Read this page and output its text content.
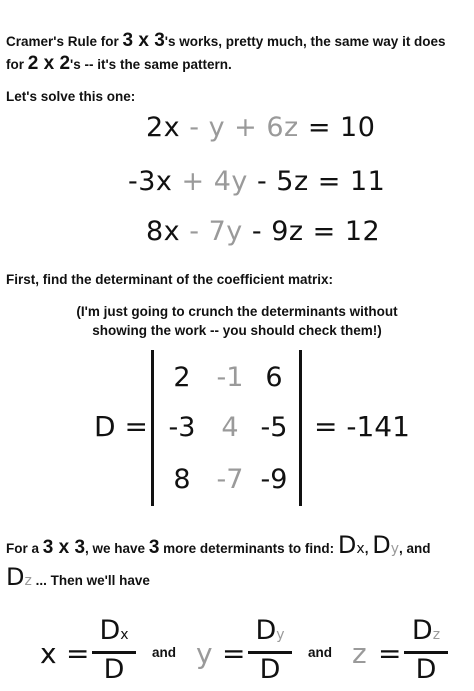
Cramer's Rule for 3 x 3's works, pretty much, the same way it does
for 2 x 2's -- it's the same pattern.
Let's solve this one:
2x - y + 6z = 10
-3x + 4y - 5z = 11
8x - 7y - 9z = 12
First, find the determinant of the coefficient matrix:
(I'm just going to crunch the determinants without
showing the work -- you should check them!)
D =
2 -1 6
-3 4 -5
8 -7 -9
= -141
For a 3 x 3, we have 3 more determinants to find: Dx, Dy, and
Dz ... Then we'll have
x =
Dx
D
and y =
Dy
D
and z =
Dz
D
